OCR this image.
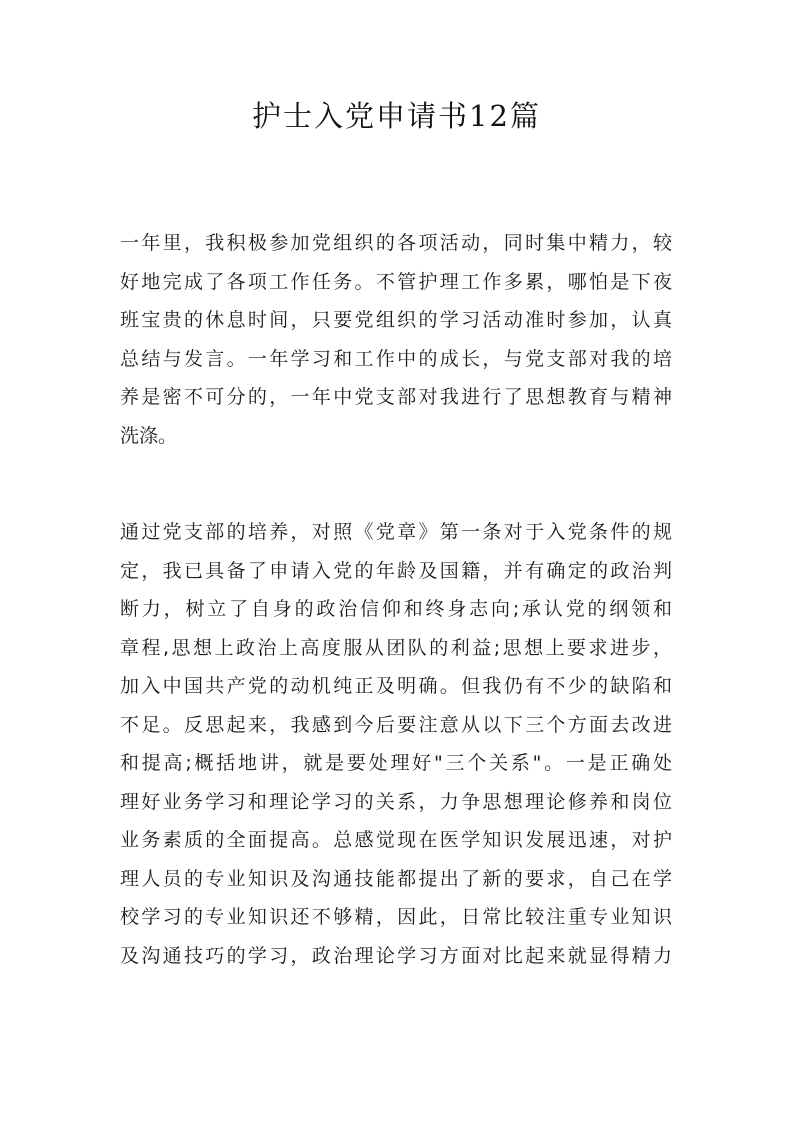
护士入党申请书12篇
一年里，我积极参加党组织的各项活动，同时集中精力，较
好地完成了各项工作任务。不管护理工作多累，哪怕是下夜
班宝贵的休息时间，只要党组织的学习活动准时参加，认真
总结与发言。一年学习和工作中的成长，与党支部对我的培
养是密不可分的，一年中党支部对我进行了思想教育与精神
洗涤。
通过党支部的培养，对照《党章》第一条对于入党条件的规
定，我已具备了申请入党的年龄及国籍，并有确定的政治判
断力，树立了自身的政治信仰和终身志向;承认党的纲领和
章程,思想上政治上高度服从团队的利益;思想上要求进步，
加入中国共产党的动机纯正及明确。但我仍有不少的缺陷和
不足。反思起来，我感到今后要注意从以下三个方面去改进
和提高;概括地讲，就是要处理好"三个关系"。一是正确处
理好业务学习和理论学习的关系，力争思想理论修养和岗位
业务素质的全面提高。总感觉现在医学知识发展迅速，对护
理人员的专业知识及沟通技能都提出了新的要求，自己在学
校学习的专业知识还不够精，因此，日常比较注重专业知识
及沟通技巧的学习，政治理论学习方面对比起来就显得精力
